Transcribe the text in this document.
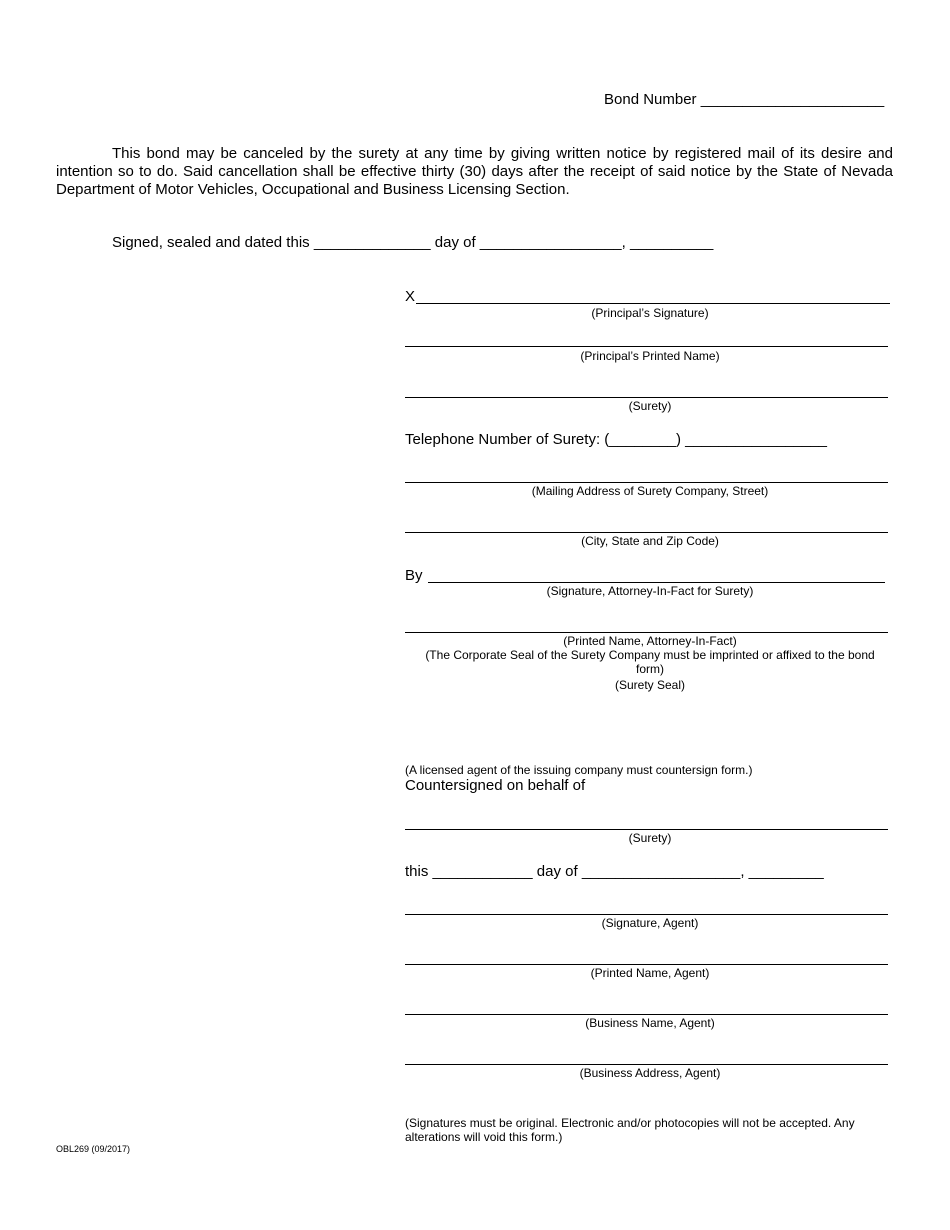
Bond Number ______________________
This bond may be canceled by the surety at any time by giving written notice by registered mail of its desire and intention so to do. Said cancellation shall be effective thirty (30) days after the receipt of said notice by the State of Nevada Department of Motor Vehicles, Occupational and Business Licensing Section.
Signed, sealed and dated this ______________ day of _________________, __________
X
(Principal’s Signature)
(Principal’s Printed Name)
(Surety)
Telephone Number of Surety: (________) _________________
(Mailing Address of Surety Company, Street)
(City, State and Zip Code)
By
(Signature, Attorney-In-Fact for Surety)
(Printed Name, Attorney-In-Fact)
(The Corporate Seal of the Surety Company must be imprinted or affixed to the bond form)
(Surety Seal)
(A licensed agent of the issuing company must countersign form.)
Countersigned on behalf of
(Surety)
this ____________ day of ___________________, _________
(Signature, Agent)
(Printed Name, Agent)
(Business Name, Agent)
(Business Address, Agent)
(Signatures must be original. Electronic and/or photocopies will not be accepted. Any alterations will void this form.)
OBL269 (09/2017)
